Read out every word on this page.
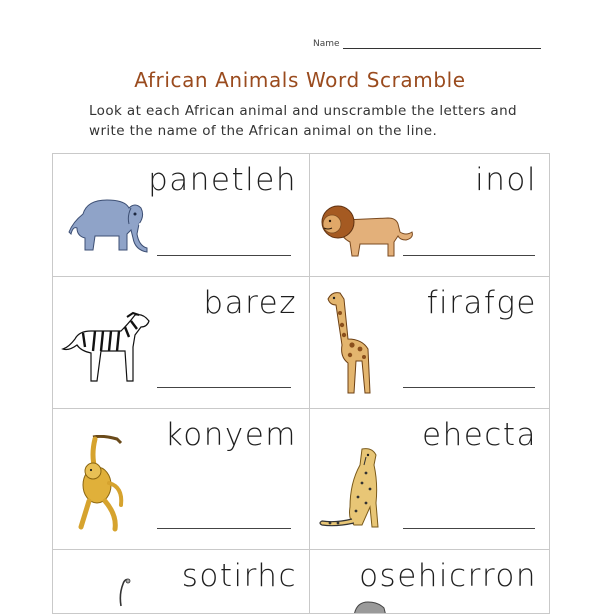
Name
African Animals Word Scramble
Look at each African animal and unscramble the letters and write the name of the African animal on the line.
panetleh	inol
barez	firafge
konyem	ehecta
sotirhc osehicrron
